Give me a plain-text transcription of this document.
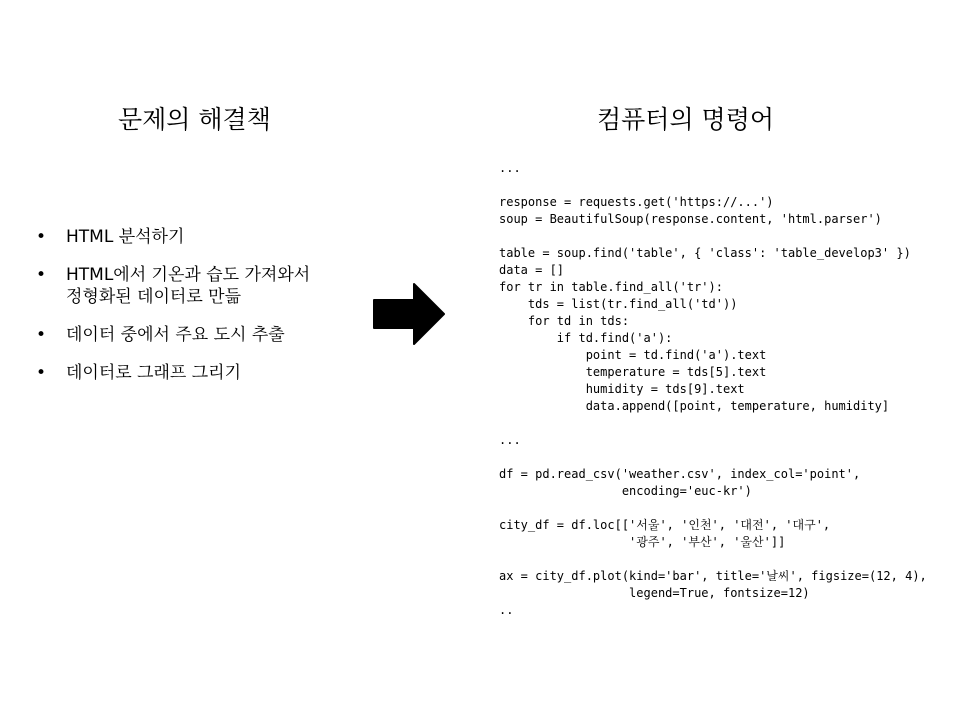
문제의 해결책	컴퓨터의 명령어
• HTML 분석하기
• HTML에서 기온과 습도 가져와서
정형화된 데이터로 만듦
• 데이터 중에서 주요 도시 추출
• 데이터로 그래프 그리기
...

response = requests.get('https://...')
soup = BeautifulSoup(response.content, 'html.parser')

table = soup.find('table', { 'class': 'table_develop3' })
data = []
for tr in table.find_all('tr'):
tds = list(tr.find_all('td'))
for td in tds:
if td.find('a'):
point = td.find('a').text
temperature = tds[5].text
humidity = tds[9].text
data.append([point, temperature, humidity]

...

df = pd.read_csv('weather.csv', index_col='point',
encoding='euc-kr')

city_df = df.loc[['서울', '인천', '대전', '대구',
'광주', '부산', '울산']]

ax = city_df.plot(kind='bar', title='날씨', figsize=(12, 4),
legend=True, fontsize=12)
..
